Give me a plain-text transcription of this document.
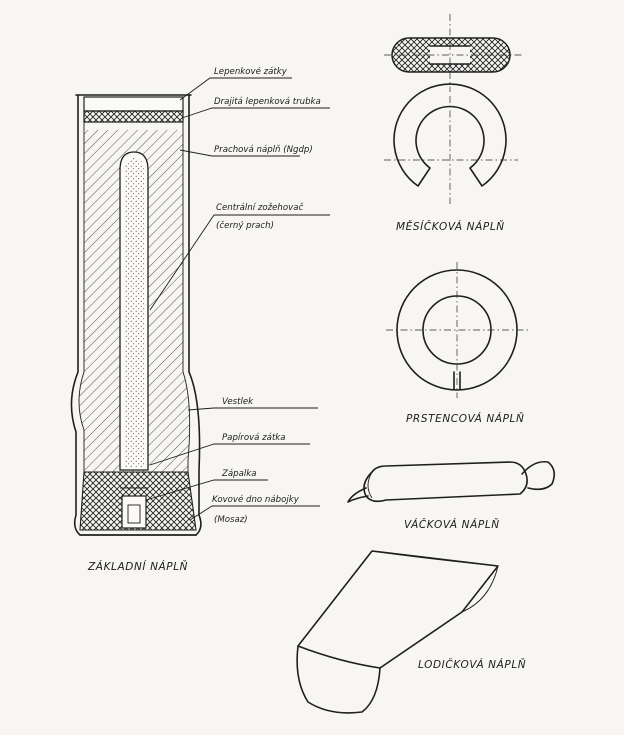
Lepenkové zátky
Drajitá lepenková trubka
Prachová náplň (Ngdp)
Centrální zožehovač
(černý prach)
Vestlek
Papírová zátka
Zápalka
Kovové dno nábojky
(Mosaz)
ZÁKLADNÍ NÁPLŇ
MĚSÍČKOVÁ NÁPLŇ
PRSTENCOVÁ NÁPLŇ
VÁČKOVÁ NÁPLŇ
LODIČKOVÁ NÁPLŇ
